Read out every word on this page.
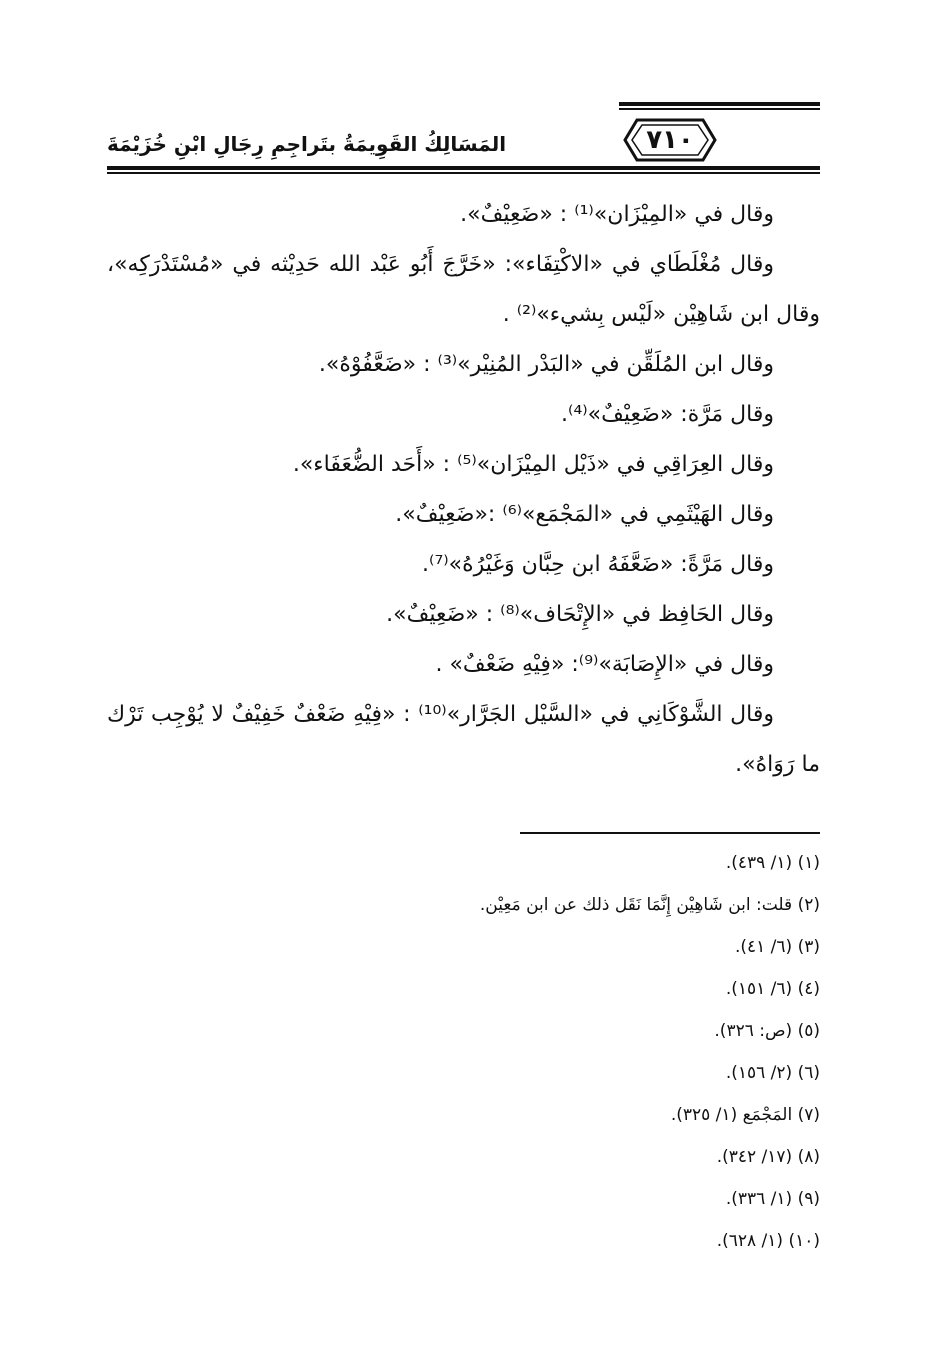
٧١٠
المَسَالِكُ القَوِيمَةُ بتَراجِمِ رِجَالِ ابْنِ خُزَيْمَةَ

وقال في «المِيْزَان»⁽¹⁾ : «ضَعِيْفٌ».

وقال مُغْلَطَاي في «الاكْتِفَاء»: «خَرَّجَ أَبُو عَبْد الله حَدِيْثه في «مُسْتَدْرَكِه»، وقال ابن شَاهِيْن «لَيْس بِشيء»⁽²⁾ .

وقال ابن المُلَقِّن في «البَدْر المُنِيْر»⁽³⁾ : «ضَعَّفُوْهُ».

وقال مَرَّة: «ضَعِيْفٌ»⁽⁴⁾.

وقال العِرَاقِي في «ذَيْل المِيْزَان»⁽⁵⁾ : «أَحَد الضُّعَفَاء».

وقال الهَيْثَمِي في «المَجْمَع»⁽⁶⁾ :«ضَعِيْفٌ».

وقال مَرَّةً: «ضَعَّفَهُ ابن حِبَّان وَغَيْرُهُ»⁽⁷⁾.

وقال الحَافِظ في «الإِتْحَاف»⁽⁸⁾ : «ضَعِيْفٌ».

وقال في «الإِصَابَة»⁽⁹⁾: «فِيْهِ ضَعْفٌ» .

وقال الشَّوْكَانِي في «السَّيْل الجَرَّار»⁽¹⁰⁾ : «فِيْهِ ضَعْفٌ خَفِيْفٌ لا يُوْجِب تَرْك ما رَوَاهُ».

(١) (١/ ٤٣٩).

(٢) قلت: ابن شَاهِيْن إِنَّمَا نَقَل ذلك عن ابن مَعِيْن.

(٣) (٦/ ٤١).

(٤) (٦/ ١٥١).

(٥) (ص: ٣٢٦).

(٦) (٢/ ١٥٦).

(٧) المَجْمَع (١/ ٣٢٥).

(٨) (١٧/ ٣٤٢).

(٩) (١/ ٣٣٦).

(١٠) (١/ ٦٢٨).
